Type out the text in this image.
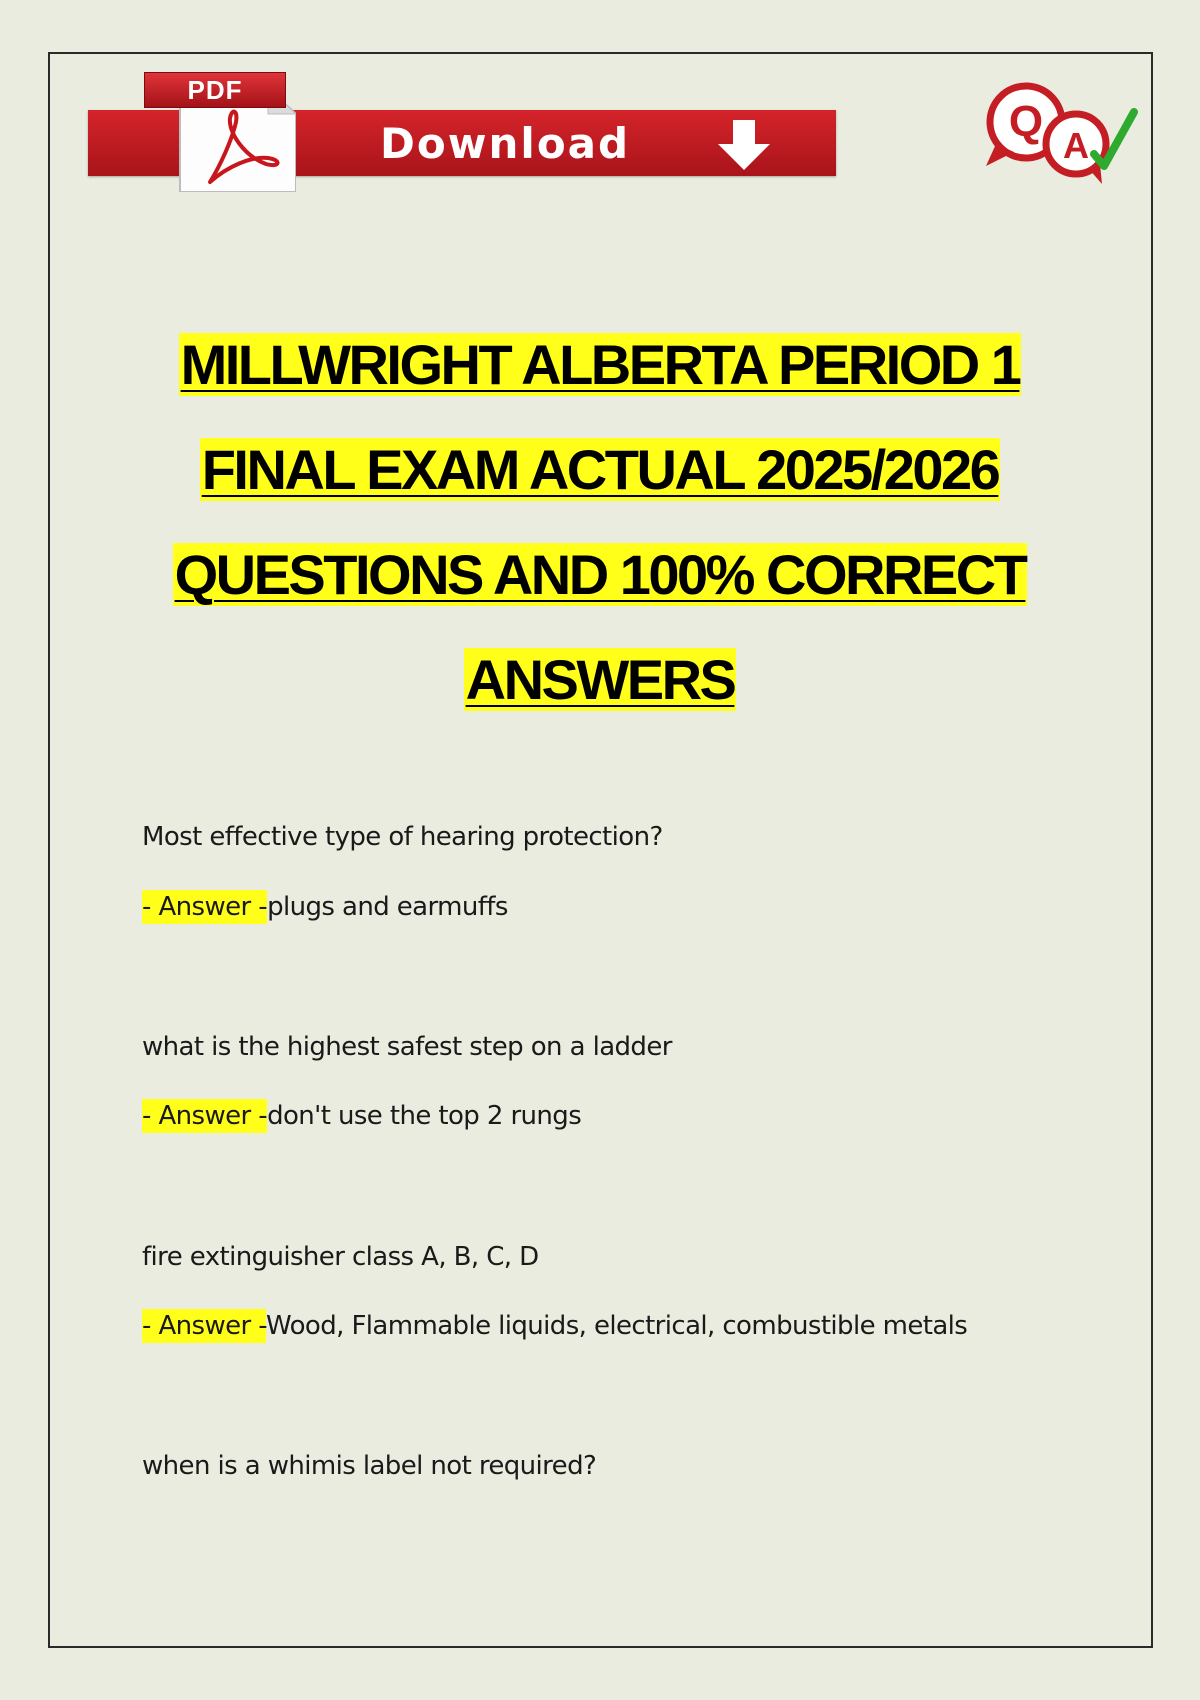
PDF
Download	Q A
MILLWRIGHT ALBERTA PERIOD 1
FINAL EXAM ACTUAL 2025/2026
QUESTIONS AND 100% CORRECT
ANSWERS
Most effective type of hearing protection?
- Answer -plugs and earmuffs
what is the highest safest step on a ladder
- Answer -don't use the top 2 rungs
fire extinguisher class A, B, C, D
- Answer -Wood, Flammable liquids, electrical, combustible metals
when is a whimis label not required?
